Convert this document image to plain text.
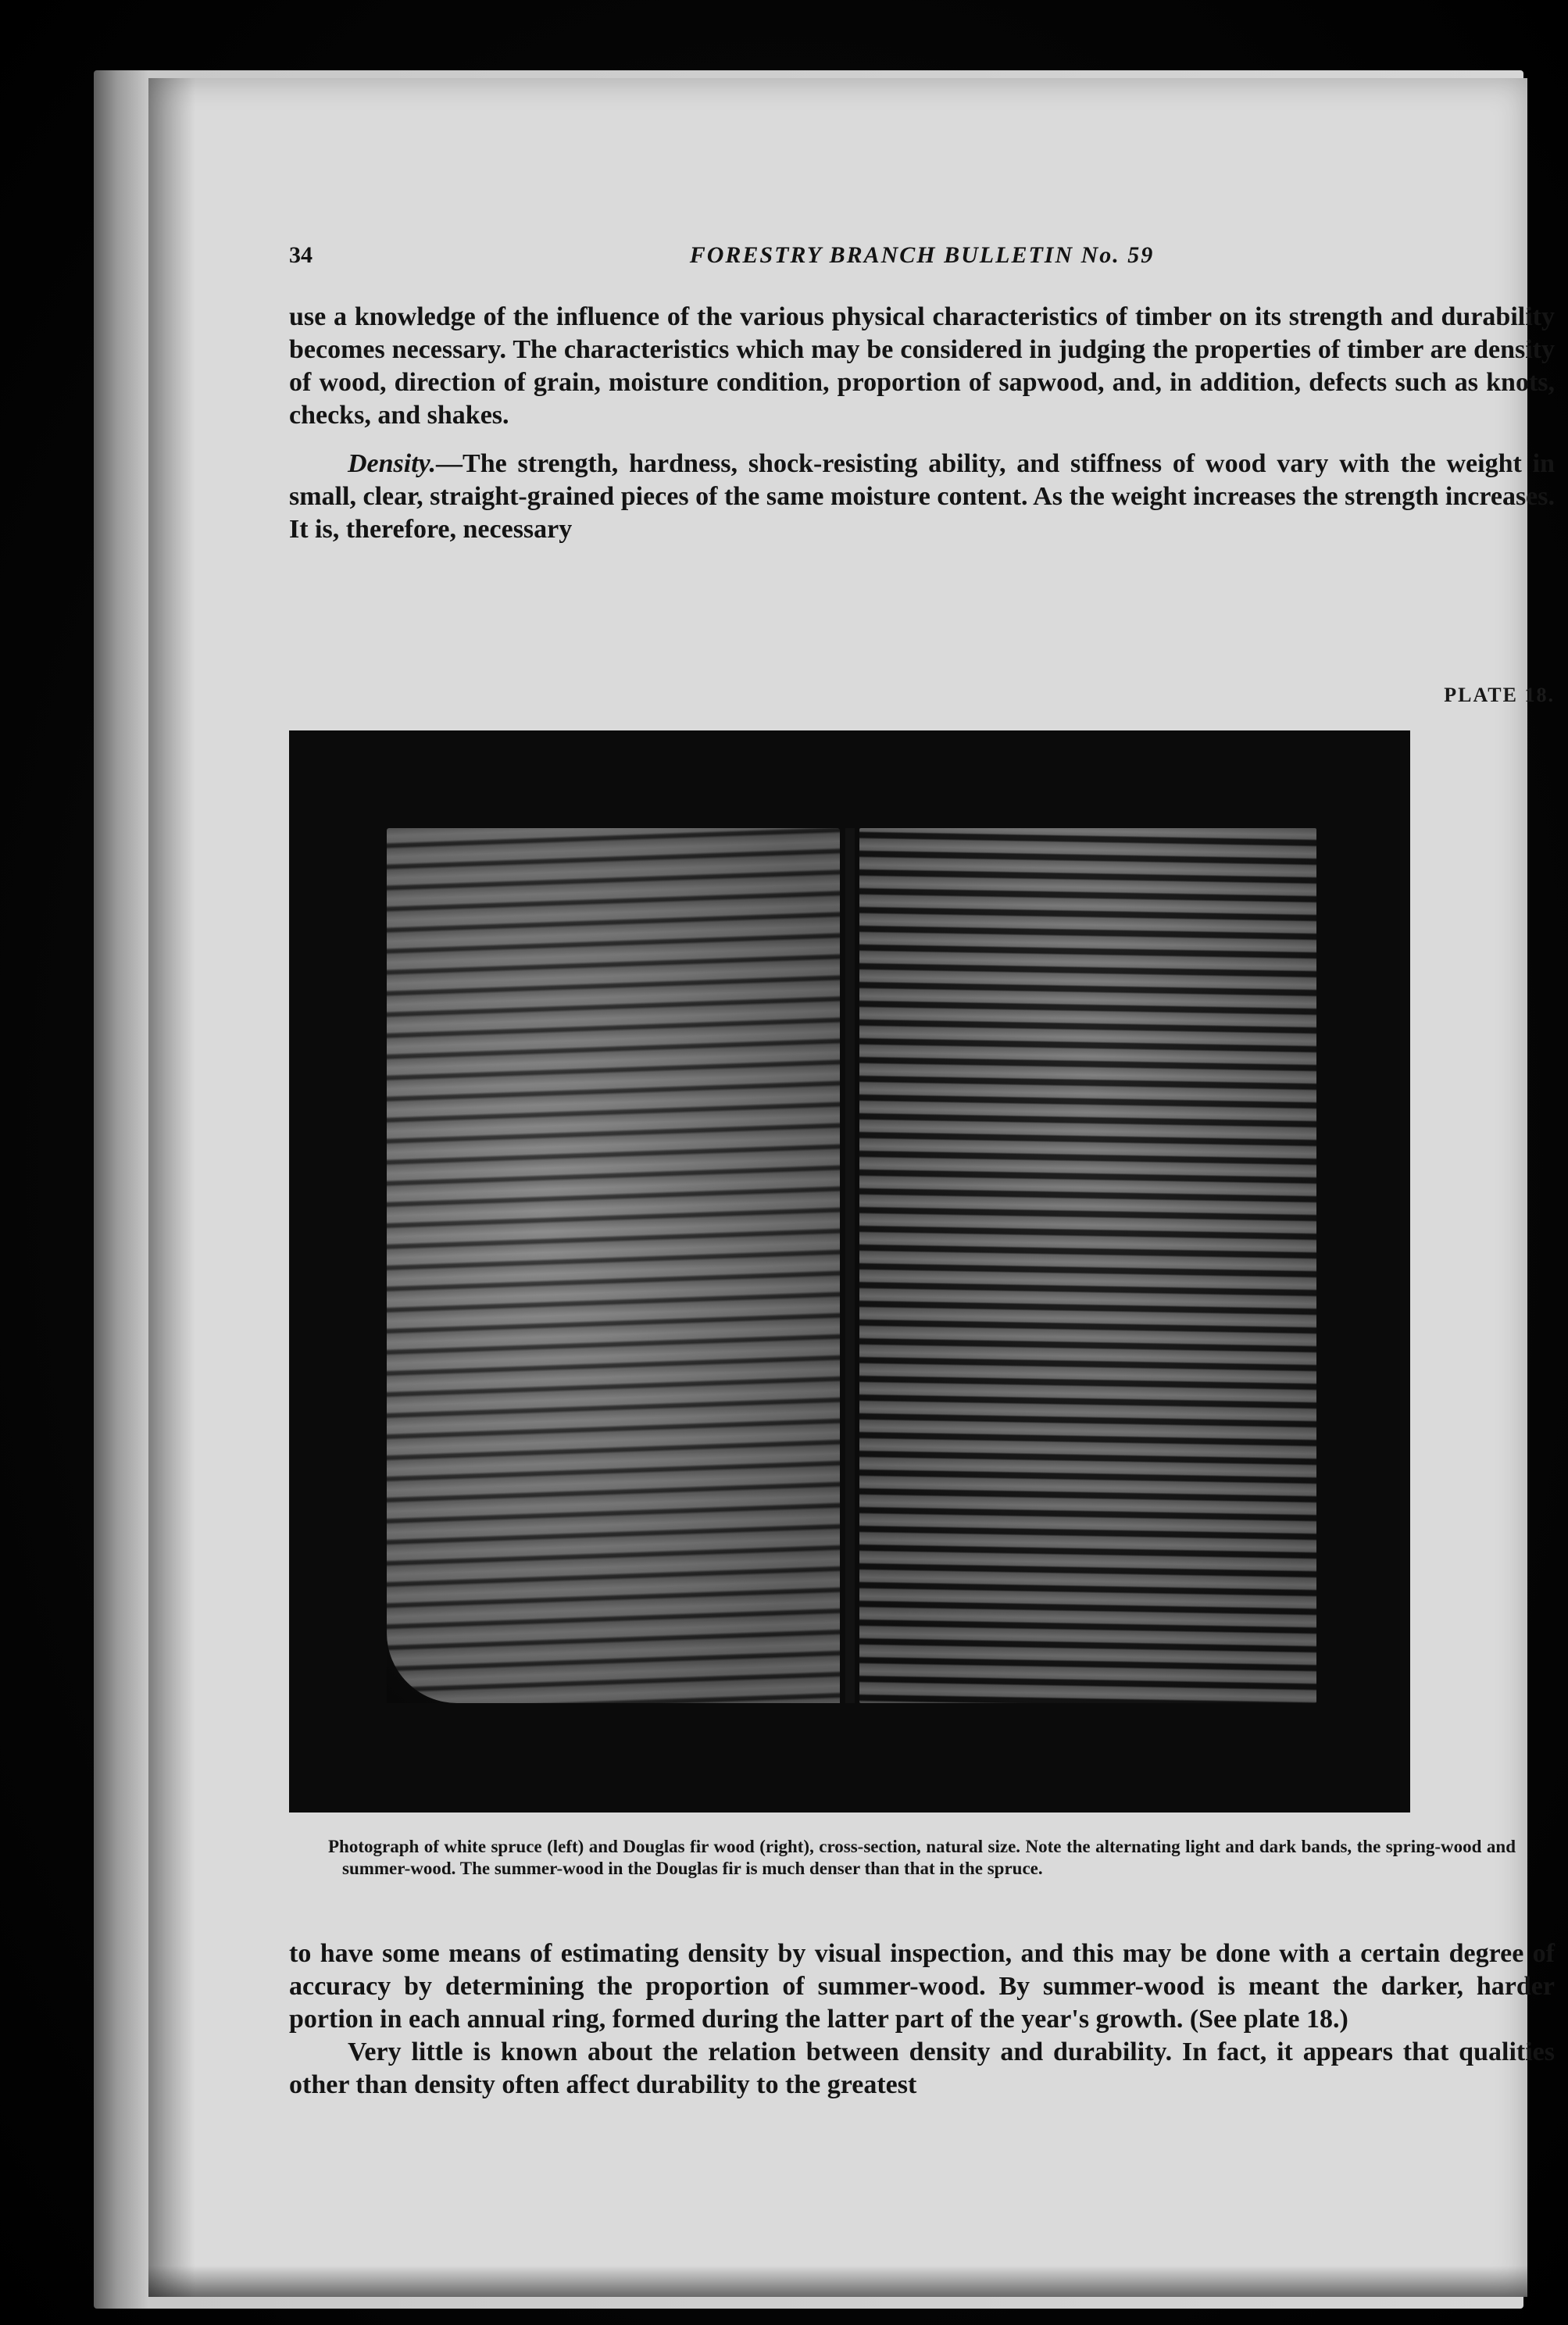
34	FORESTRY BRANCH BULLETIN No. 59

use a knowledge of the influence of the various physical characteristics of timber on its strength and durability becomes necessary. The characteristics which may be considered in judging the properties of timber are density of wood, direction of grain, moisture condition, proportion of sapwood, and, in addition, defects such as knots, checks, and shakes.

Density.—The strength, hardness, shock-resisting ability, and stiffness of wood vary with the weight in small, clear, straight-grained pieces of the same moisture content. As the weight increases the strength increases. It is, therefore, necessary

PLATE 18.

Photograph of white spruce (left) and Douglas fir wood (right), cross-section, natural size. Note the alternating light and dark bands, the spring-wood and summer-wood. The summer-wood in the Douglas fir is much denser than that in the spruce.

to have some means of estimating density by visual inspection, and this may be done with a certain degree of accuracy by determining the proportion of summer-wood. By summer-wood is meant the darker, harder portion in each annual ring, formed during the latter part of the year's growth. (See plate 18.)

Very little is known about the relation between density and durability. In fact, it appears that qualities other than density often affect durability to the greatest
